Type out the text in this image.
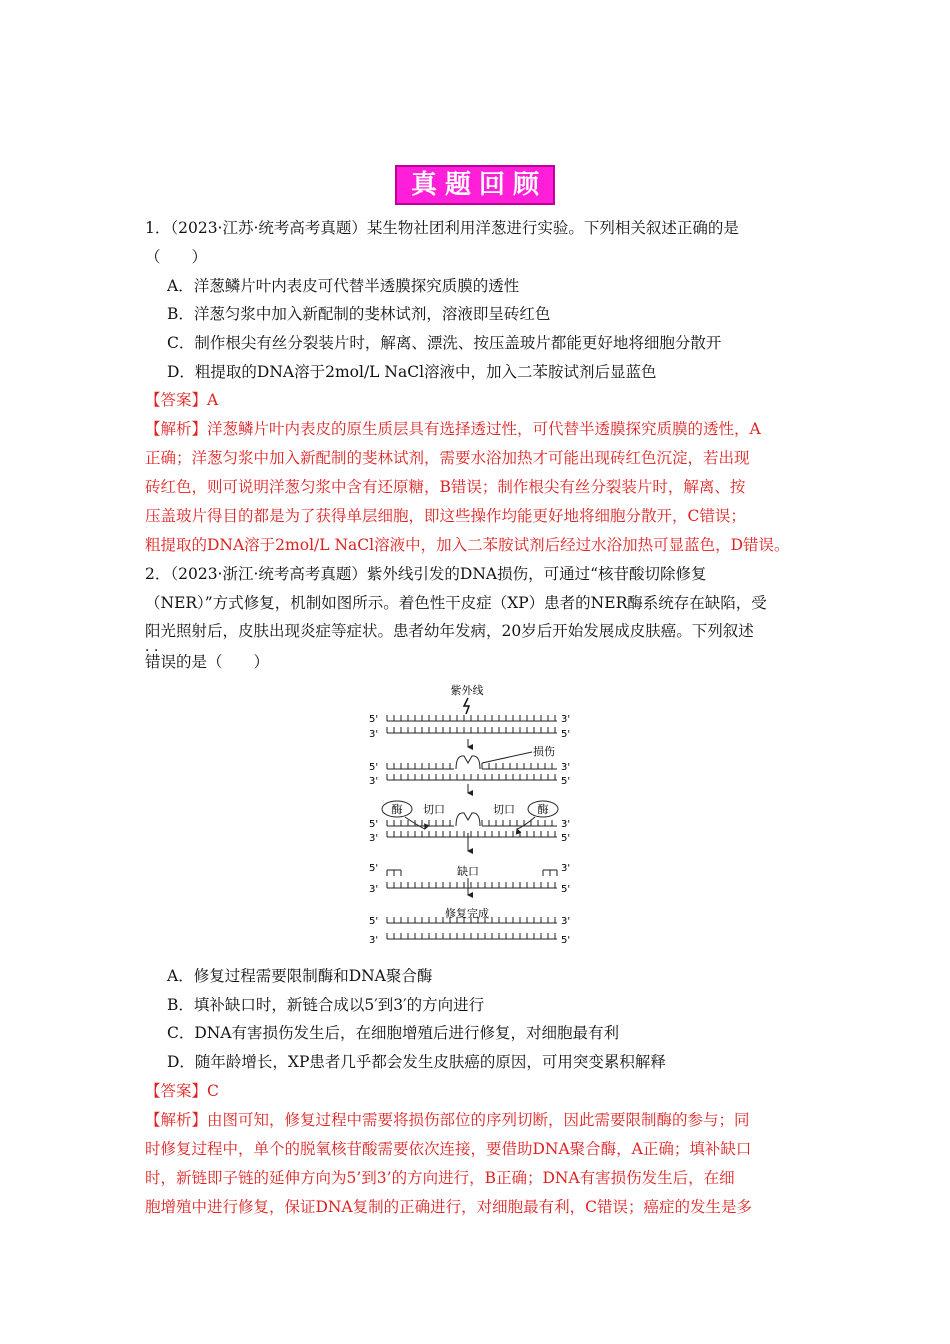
真题回顾
1．（2023·江苏·统考高考真题）某生物社团利用洋葱进行实验。下列相关叙述正确的是
（　　）
A．洋葱鳞片叶内表皮可代替半透膜探究质膜的透性
B．洋葱匀浆中加入新配制的斐林试剂，溶液即呈砖红色
C．制作根尖有丝分裂装片时，解离、漂洗、按压盖玻片都能更好地将细胞分散开
D．粗提取的DNA溶于2mol/L NaCl溶液中，加入二苯胺试剂后显蓝色
【答案】A
【解析】洋葱鳞片叶内表皮的原生质层具有选择透过性，可代替半透膜探究质膜的透性，A
正确；洋葱匀浆中加入新配制的斐林试剂，需要水浴加热才可能出现砖红色沉淀，若出现
砖红色，则可说明洋葱匀浆中含有还原糖，B错误；制作根尖有丝分裂装片时，解离、按
压盖玻片得目的都是为了获得单层细胞，即这些操作均能更好地将细胞分散开，C错误；
粗提取的DNA溶于2mol/L NaCl溶液中，加入二苯胺试剂后经过水浴加热可显蓝色，D错误。
2．（2023·浙江·统考高考真题）紫外线引发的DNA损伤，可通过“核苷酸切除修复
（NER）”方式修复，机制如图所示。着色性干皮症（XP）患者的NER酶系统存在缺陷，受
阳光照射后，皮肤出现炎症等症状。患者幼年发病，20岁后开始发展成皮肤癌。下列叙述
．．
错误的是（　　）
紫外线
5'	3'
3'	5'
5'	3'
3'	5'
5'	3'
3'	5'
5'	3'
3'	5'
5'	3'
3'	5'
损伤
酶 切口	酶
切口
缺口
修复完成
A．修复过程需要限制酶和DNA聚合酶
B．填补缺口时，新链合成以5′到3′的方向进行
C．DNA有害损伤发生后，在细胞增殖后进行修复，对细胞最有利
D．随年龄增长，XP患者几乎都会发生皮肤癌的原因，可用突变累积解释
【答案】C
【解析】由图可知，修复过程中需要将损伤部位的序列切断，因此需要限制酶的参与；同
时修复过程中，单个的脱氧核苷酸需要依次连接，要借助DNA聚合酶，A正确；填补缺口
时，新链即子链的延伸方向为5’到3’的方向进行，B正确；DNA有害损伤发生后，在细
胞增殖中进行修复，保证DNA复制的正确进行，对细胞最有利，C错误；癌症的发生是多
